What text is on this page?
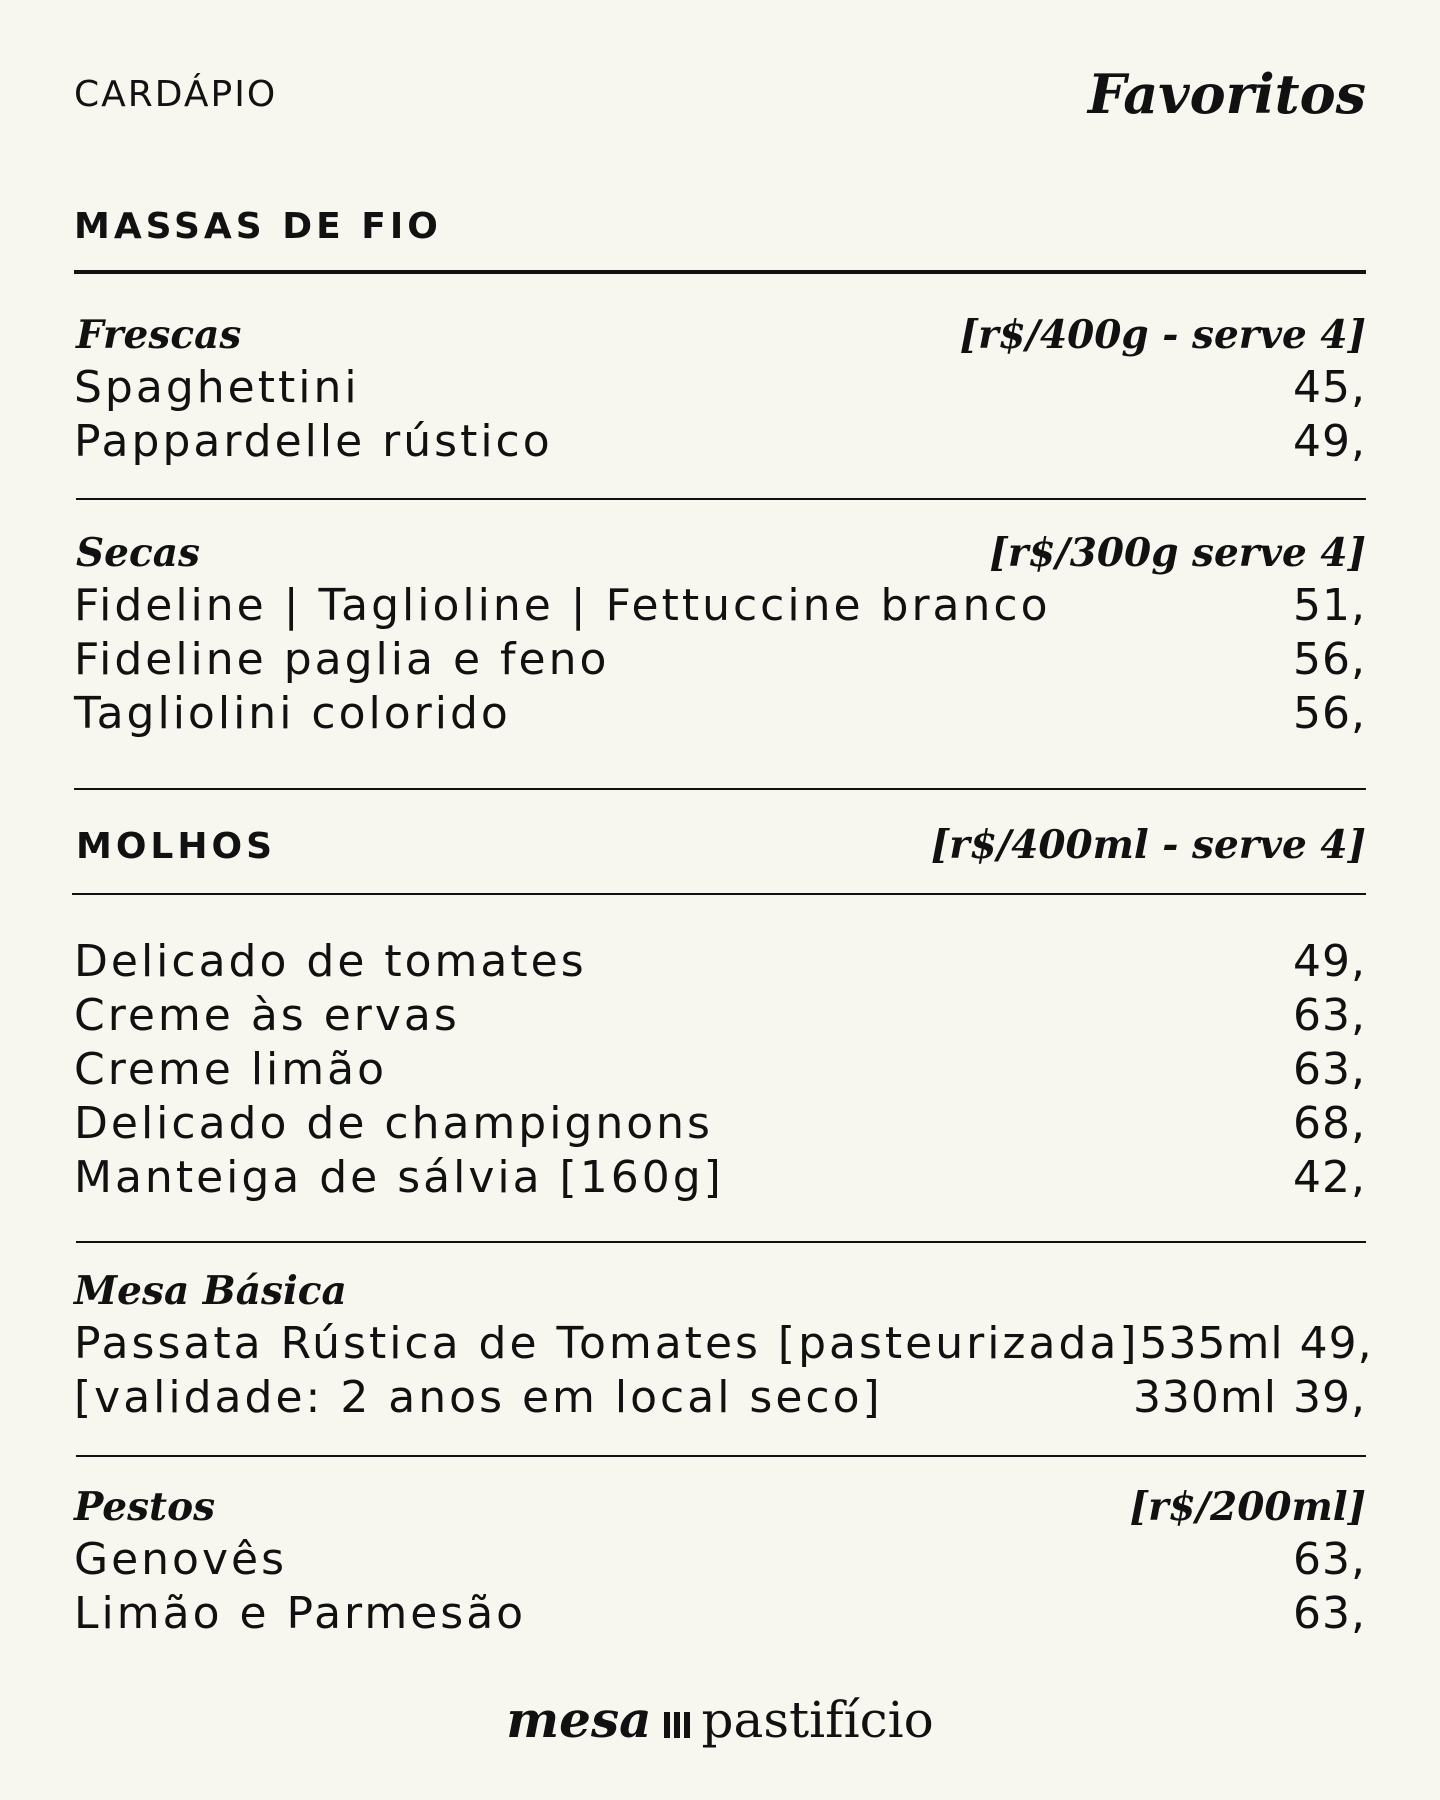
CARDÁPIO	Favoritos
MASSAS DE FIO
Frescas	[r$/400g - serve 4]
Spaghettini	45,
Pappardelle rústico	49,
Secas	[r$/300g serve 4]
Fideline | Taglioline | Fettuccine branco	51,
Fideline paglia e feno	56,
Tagliolini colorido	56,
MOLHOS	[r$/400ml - serve 4]
Delicado de tomates	49,
Creme às ervas	63,
Creme limão	63,
Delicado de champignons	68,
Manteiga de sálvia [160g]	42,
Mesa Básica
Passata Rústica de Tomates [pasteurizada] 535ml 49,
[validade: 2 anos em local seco]	330ml 39,
Pestos	[r$/200ml]
Genovês	63,
Limão e Parmesão	63,
mesa pastifício
